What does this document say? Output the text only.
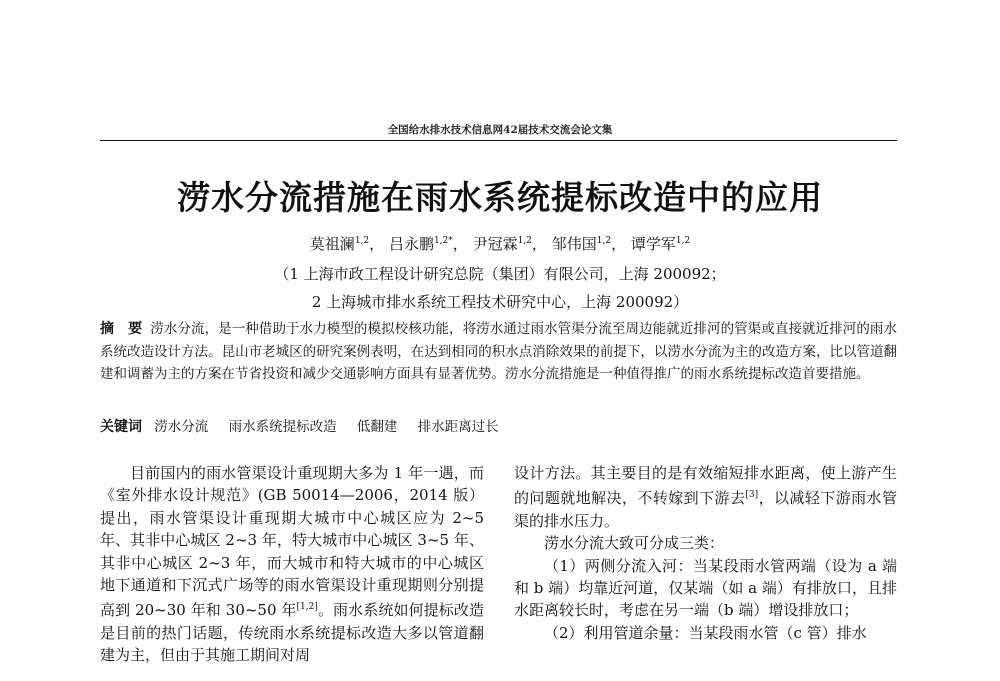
全国给水排水技术信息网42届技术交流会论文集
涝水分流措施在雨水系统提标改造中的应用
莫祖澜$^{1,2}$， 吕永鹏$^{1,2*}$， 尹冠霖$^{1,2}$， 邹伟国$^{1,2}$， 谭学军$^{1,2}$
（1 上海市政工程设计研究总院（集团）有限公司，上海 200092；
2 上海城市排水系统工程技术研究中心，上海 200092）
摘　要 涝水分流，是一种借助于水力模型的模拟校核功能，将涝水通过雨水管渠分流至周边能就近排河的管渠或直接就近排河的雨水系统改造设计方法。昆山市老城区的研究案例表明，在达到相同的积水点消除效果的前提下，以涝水分流为主的改造方案，比以管道翻建和调蓄为主的方案在节省投资和减少交通影响方面具有显著优势。涝水分流措施是一种值得推广的雨水系统提标改造首要措施。
关键词 涝水分流 雨水系统提标改造 低翻建 排水距离过长

目前国内的雨水管渠设计重现期大多为 1 年一遇，而《室外排水设计规范》(GB 50014—2006，2014 版）提出，雨水管渠设计重现期大城市中心城区应为 2~5 年、其非中心城区 2~3 年，特大城市中心城区 3~5 年、其非中心城区 2~3 年，而大城市和特大城市的中心城区地下通道和下沉式广场等的雨水管渠设计重现期则分别提高到 20~30 年和 30~50 年[1,2]。雨水系统如何提标改造是目前的热门话题，传统雨水系统提标改造大多以管道翻建为主，但由于其施工期间对周

设计方法。其主要目的是有效缩短排水距离，使上游产生的问题就地解决，不转嫁到下游去[3]，以减轻下游雨水管渠的排水压力。

涝水分流大致可分成三类：

（1）两侧分流入河：当某段雨水管两端（设为 a 端和 b 端）均靠近河道，仅某端（如 a 端）有排放口，且排水距离较长时，考虑在另一端（b 端）增设排放口；

（2）利用管道余量：当某段雨水管（c 管）排水
